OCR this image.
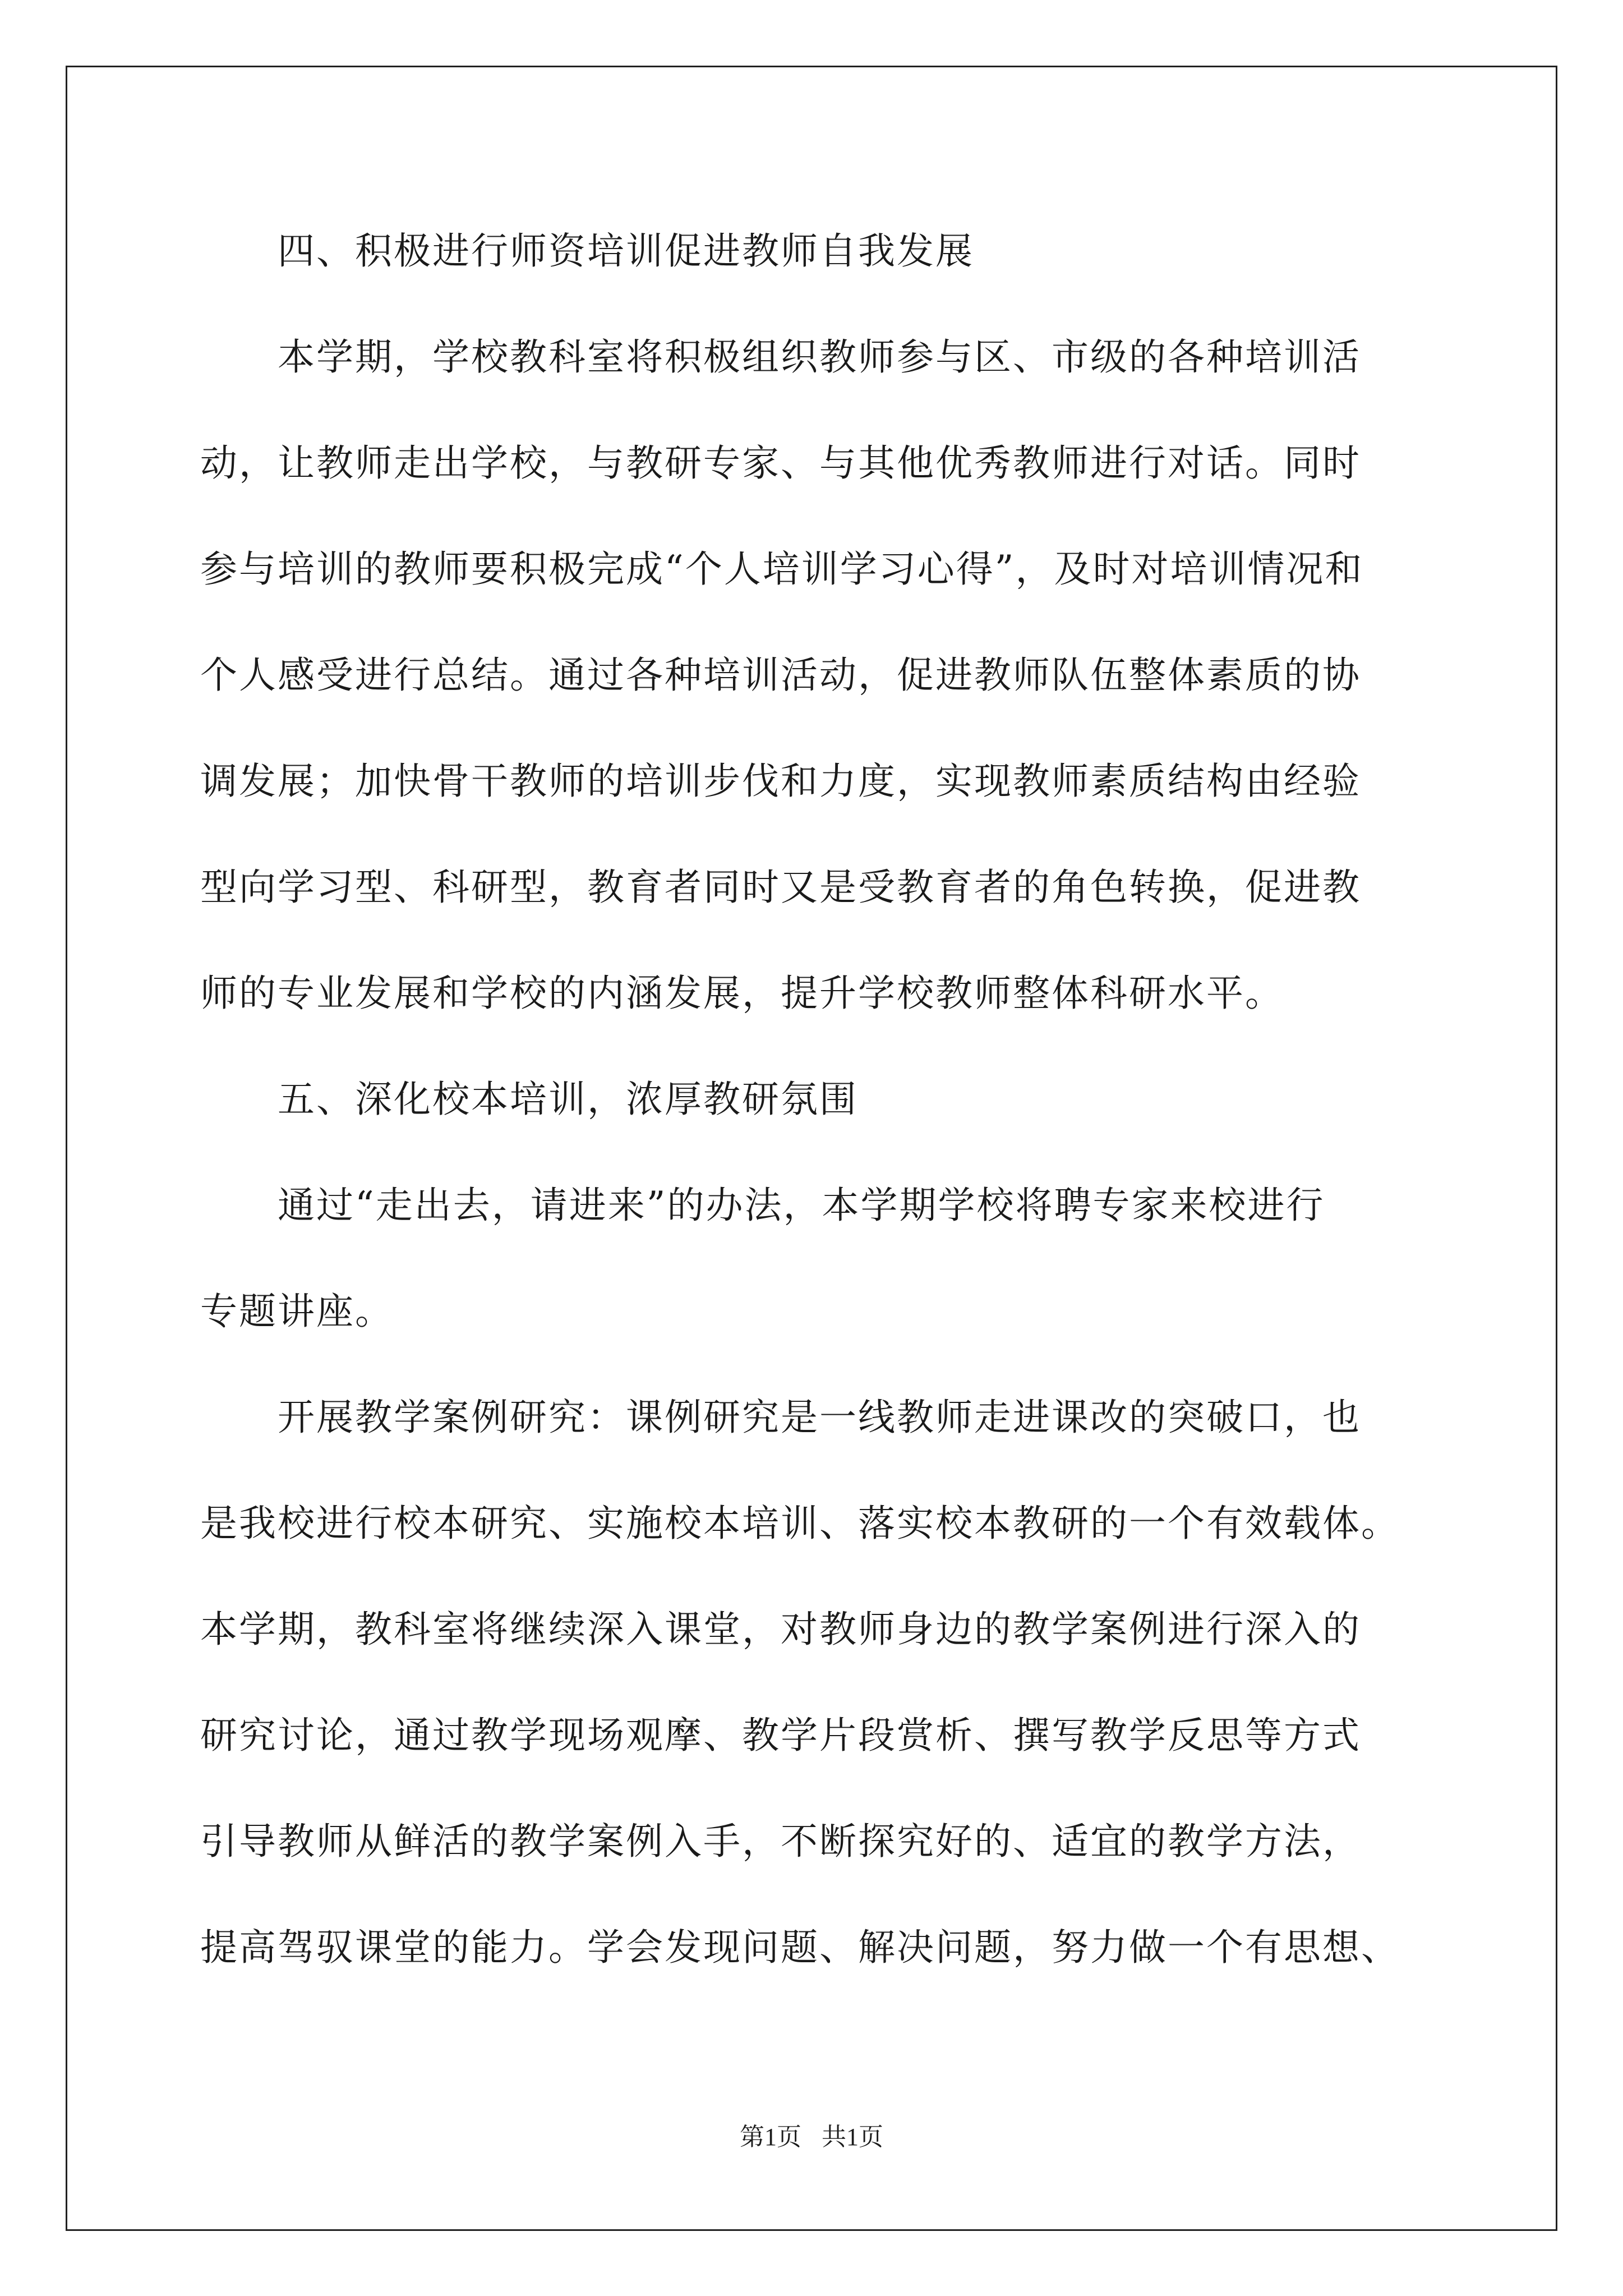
　　四、积极进行师资培训促进教师自我发展
　　本学期，学校教科室将积极组织教师参与区、市级的各种培训活
动，让教师走出学校，与教研专家、与其他优秀教师进行对话。同时
参与培训的教师要积极完成“个人培训学习心得”，及时对培训情况和
个人感受进行总结。通过各种培训活动，促进教师队伍整体素质的协
调发展；加快骨干教师的培训步伐和力度，实现教师素质结构由经验
型向学习型、科研型，教育者同时又是受教育者的角色转换，促进教
师的专业发展和学校的内涵发展，提升学校教师整体科研水平。
　　五、深化校本培训，浓厚教研氛围
　　通过“走出去，请进来”的办法，本学期学校将聘专家来校进行
专题讲座。
　　开展教学案例研究：课例研究是一线教师走进课改的突破口，也
是我校进行校本研究、实施校本培训、落实校本教研的一个有效载体。
本学期，教科室将继续深入课堂，对教师身边的教学案例进行深入的
研究讨论，通过教学现场观摩、教学片段赏析、撰写教学反思等方式
引导教师从鲜活的教学案例入手，不断探究好的、适宜的教学方法，
提高驾驭课堂的能力。学会发现问题、解决问题，努力做一个有思想、
第1页 共1页
